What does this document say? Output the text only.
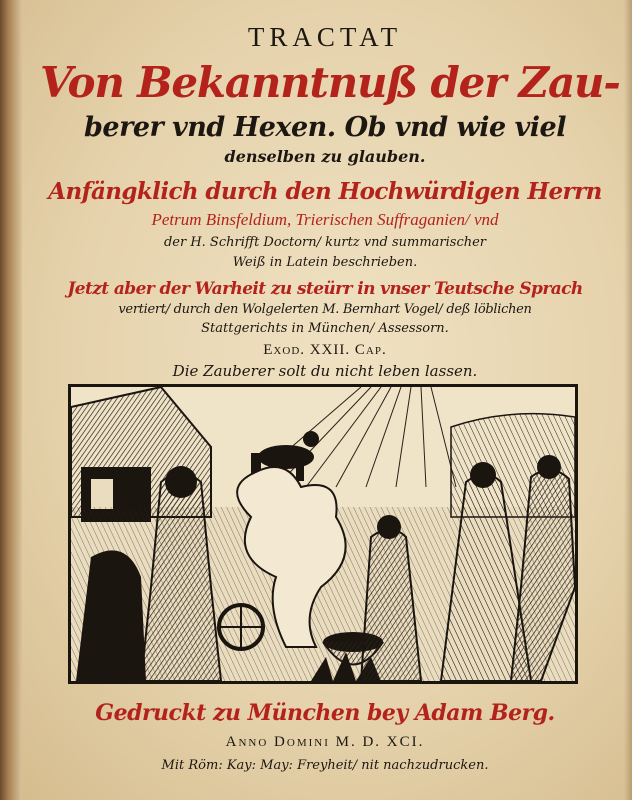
TRACTAT
Von Bekanntnuß der Zau-
berer vnd Hexen. Ob vnd wie viel
denselben zu glauben.
Anfängklich durch den Hochwürdigen Herrn
Petrum Binsfeldium, Trierischen Suffraganien/ vnd
der H. Schrifft Doctorn/ kurtz vnd summarischer
Weiß in Latein beschrieben.
Jetzt aber der Warheit zu steürr in vnser Teutsche Sprach
vertiert/ durch den Wolgelerten M. Bernhart Vogel/ deß löblichen
Stattgerichts in München/ Assessorn.
Exod. XXII. Cap.
Die Zauberer solt du nicht leben lassen.
Gedruckt zu München bey Adam Berg.
Anno Domini M. D. XCI.
Mit Röm: Kay: May: Freyheit/ nit nachzudrucken.
